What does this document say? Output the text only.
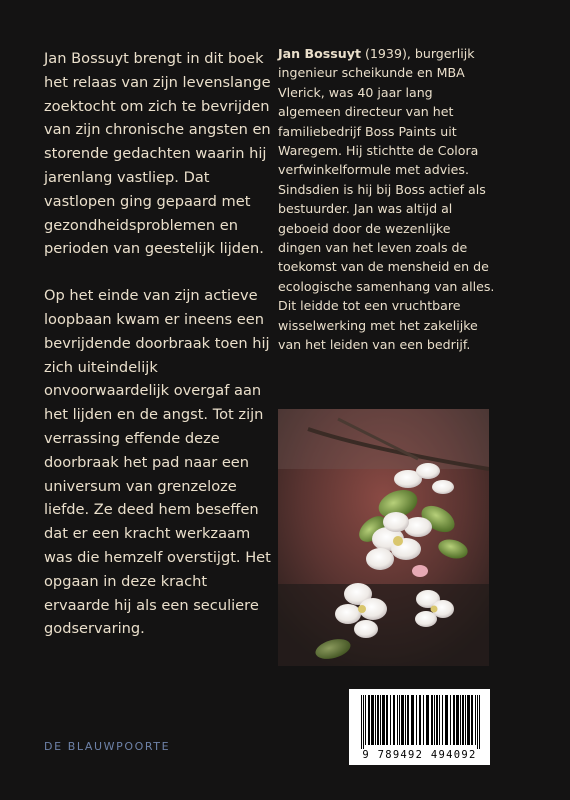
Jan Bossuyt brengt in dit boek het relaas van zijn levenslange zoektocht om zich te bevrijden van zijn chronische angsten en storende gedachten waarin hij jarenlang vastliep. Dat vastlopen ging gepaard met gezondheidsproblemen en perioden van geestelijk lijden.

Op het einde van zijn actieve loopbaan kwam er ineens een bevrijdende doorbraak toen hij zich uiteindelijk onvoorwaardelijk overgaf aan het lijden en de angst. Tot zijn verrassing effende deze doorbraak het pad naar een universum van grenzeloze liefde. Ze deed hem beseffen dat er een kracht werkzaam was die hemzelf overstijgt. Het opgaan in deze kracht ervaarde hij als een seculiere godservaring.

Jan Bossuyt (1939), burgerlijk ingenieur scheikunde en MBA Vlerick, was 40 jaar lang algemeen directeur van het familiebedrijf Boss Paints uit Waregem. Hij stichtte de Colora verfwinkelformule met advies. Sindsdien is hij bij Boss actief als bestuurder. Jan was altijd al geboeid door de wezenlijke dingen van het leven zoals de toekomst van de mensheid en de ecologische samenhang van alles. Dit leidde tot een vruchtbare wisselwerking met het zakelijke van het leiden van een bedrijf.
DE BLAUWPOORTE
9 789492 494092
